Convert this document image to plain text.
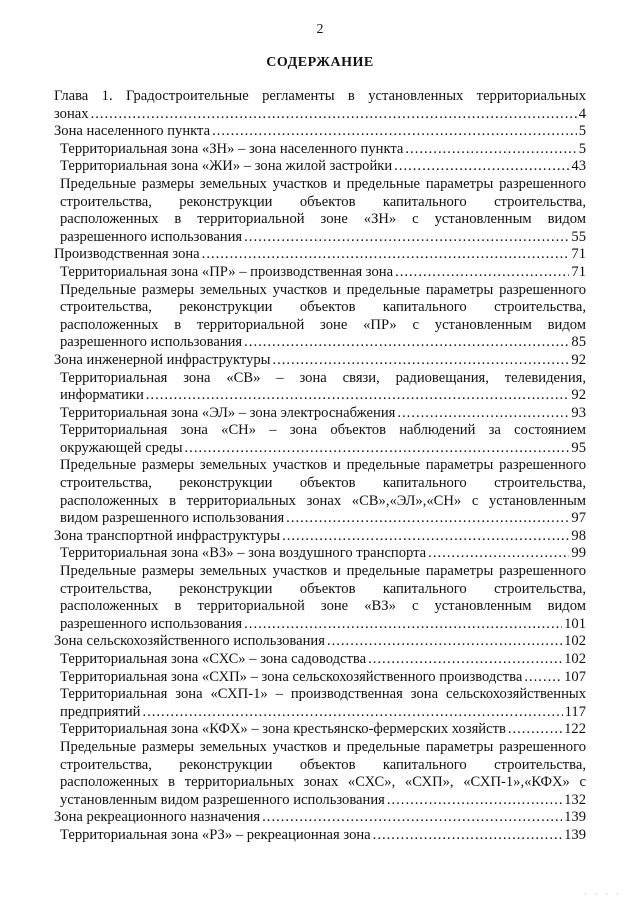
2
СОДЕРЖАНИЕ
Глава 1. Градостроительные регламенты в установленных территориальных
зонах .....	4
Зона населенного пункта .....	5
Территориальная зона «ЗН» – зона населенного пункта .....	5
Территориальная зона «ЖИ» – зона жилой застройки .....	43
Предельные размеры земельных участков и предельные параметры разрешенного
строительства, реконструкции объектов капитального строительства,
расположенных в территориальной зоне «ЗН» с установленным видом
разрешенного использования .....	55
Производственная зона .....	71
Территориальная зона «ПР» – производственная зона .....	71
Предельные размеры земельных участков и предельные параметры разрешенного
строительства, реконструкции объектов капитального строительства,
расположенных в территориальной зоне «ПР» с установленным видом
разрешенного использования .....	85
Зона инженерной инфраструктуры .....	92
Территориальная зона «СВ» – зона связи, радиовещания, телевидения,
информатики .....	92
Территориальная зона «ЭЛ» – зона электроснабжения .....	93
Территориальная зона «СН» – зона объектов наблюдений за состоянием
окружающей среды .....	95
Предельные размеры земельных участков и предельные параметры разрешенного
строительства, реконструкции объектов капитального строительства,
расположенных в территориальных зонах «СВ»,«ЭЛ»,«СН» с установленным
видом разрешенного использования .....	97
Зона транспортной инфраструктуры .....	98
Территориальная зона «ВЗ» – зона воздушного транспорта .....	99
Предельные размеры земельных участков и предельные параметры разрешенного
строительства, реконструкции объектов капитального строительства,
расположенных в территориальной зоне «ВЗ» с установленным видом
разрешенного использования .....	101
Зона сельскохозяйственного использования .....	102
Территориальная зона «СХС» – зона садоводства .....	102
Территориальная зона «СХП» – зона сельскохозяйственного производства .....	107
Территориальная зона «СХП-1» – производственная зона сельскохозяйственных
предприятий .....	117
Территориальная зона «КФХ» – зона крестьянско-фермерских хозяйств .....	122
Предельные размеры земельных участков и предельные параметры разрешенного
строительства, реконструкции объектов капитального строительства,
расположенных в территориальных зонах «СХС», «СХП», «СХП-1»,«КФХ» с
установленным видом разрешенного использования .....	132
Зона рекреационного назначения .....	139
Территориальная зона «РЗ» – рекреационная зона .....	139
· · · ·
